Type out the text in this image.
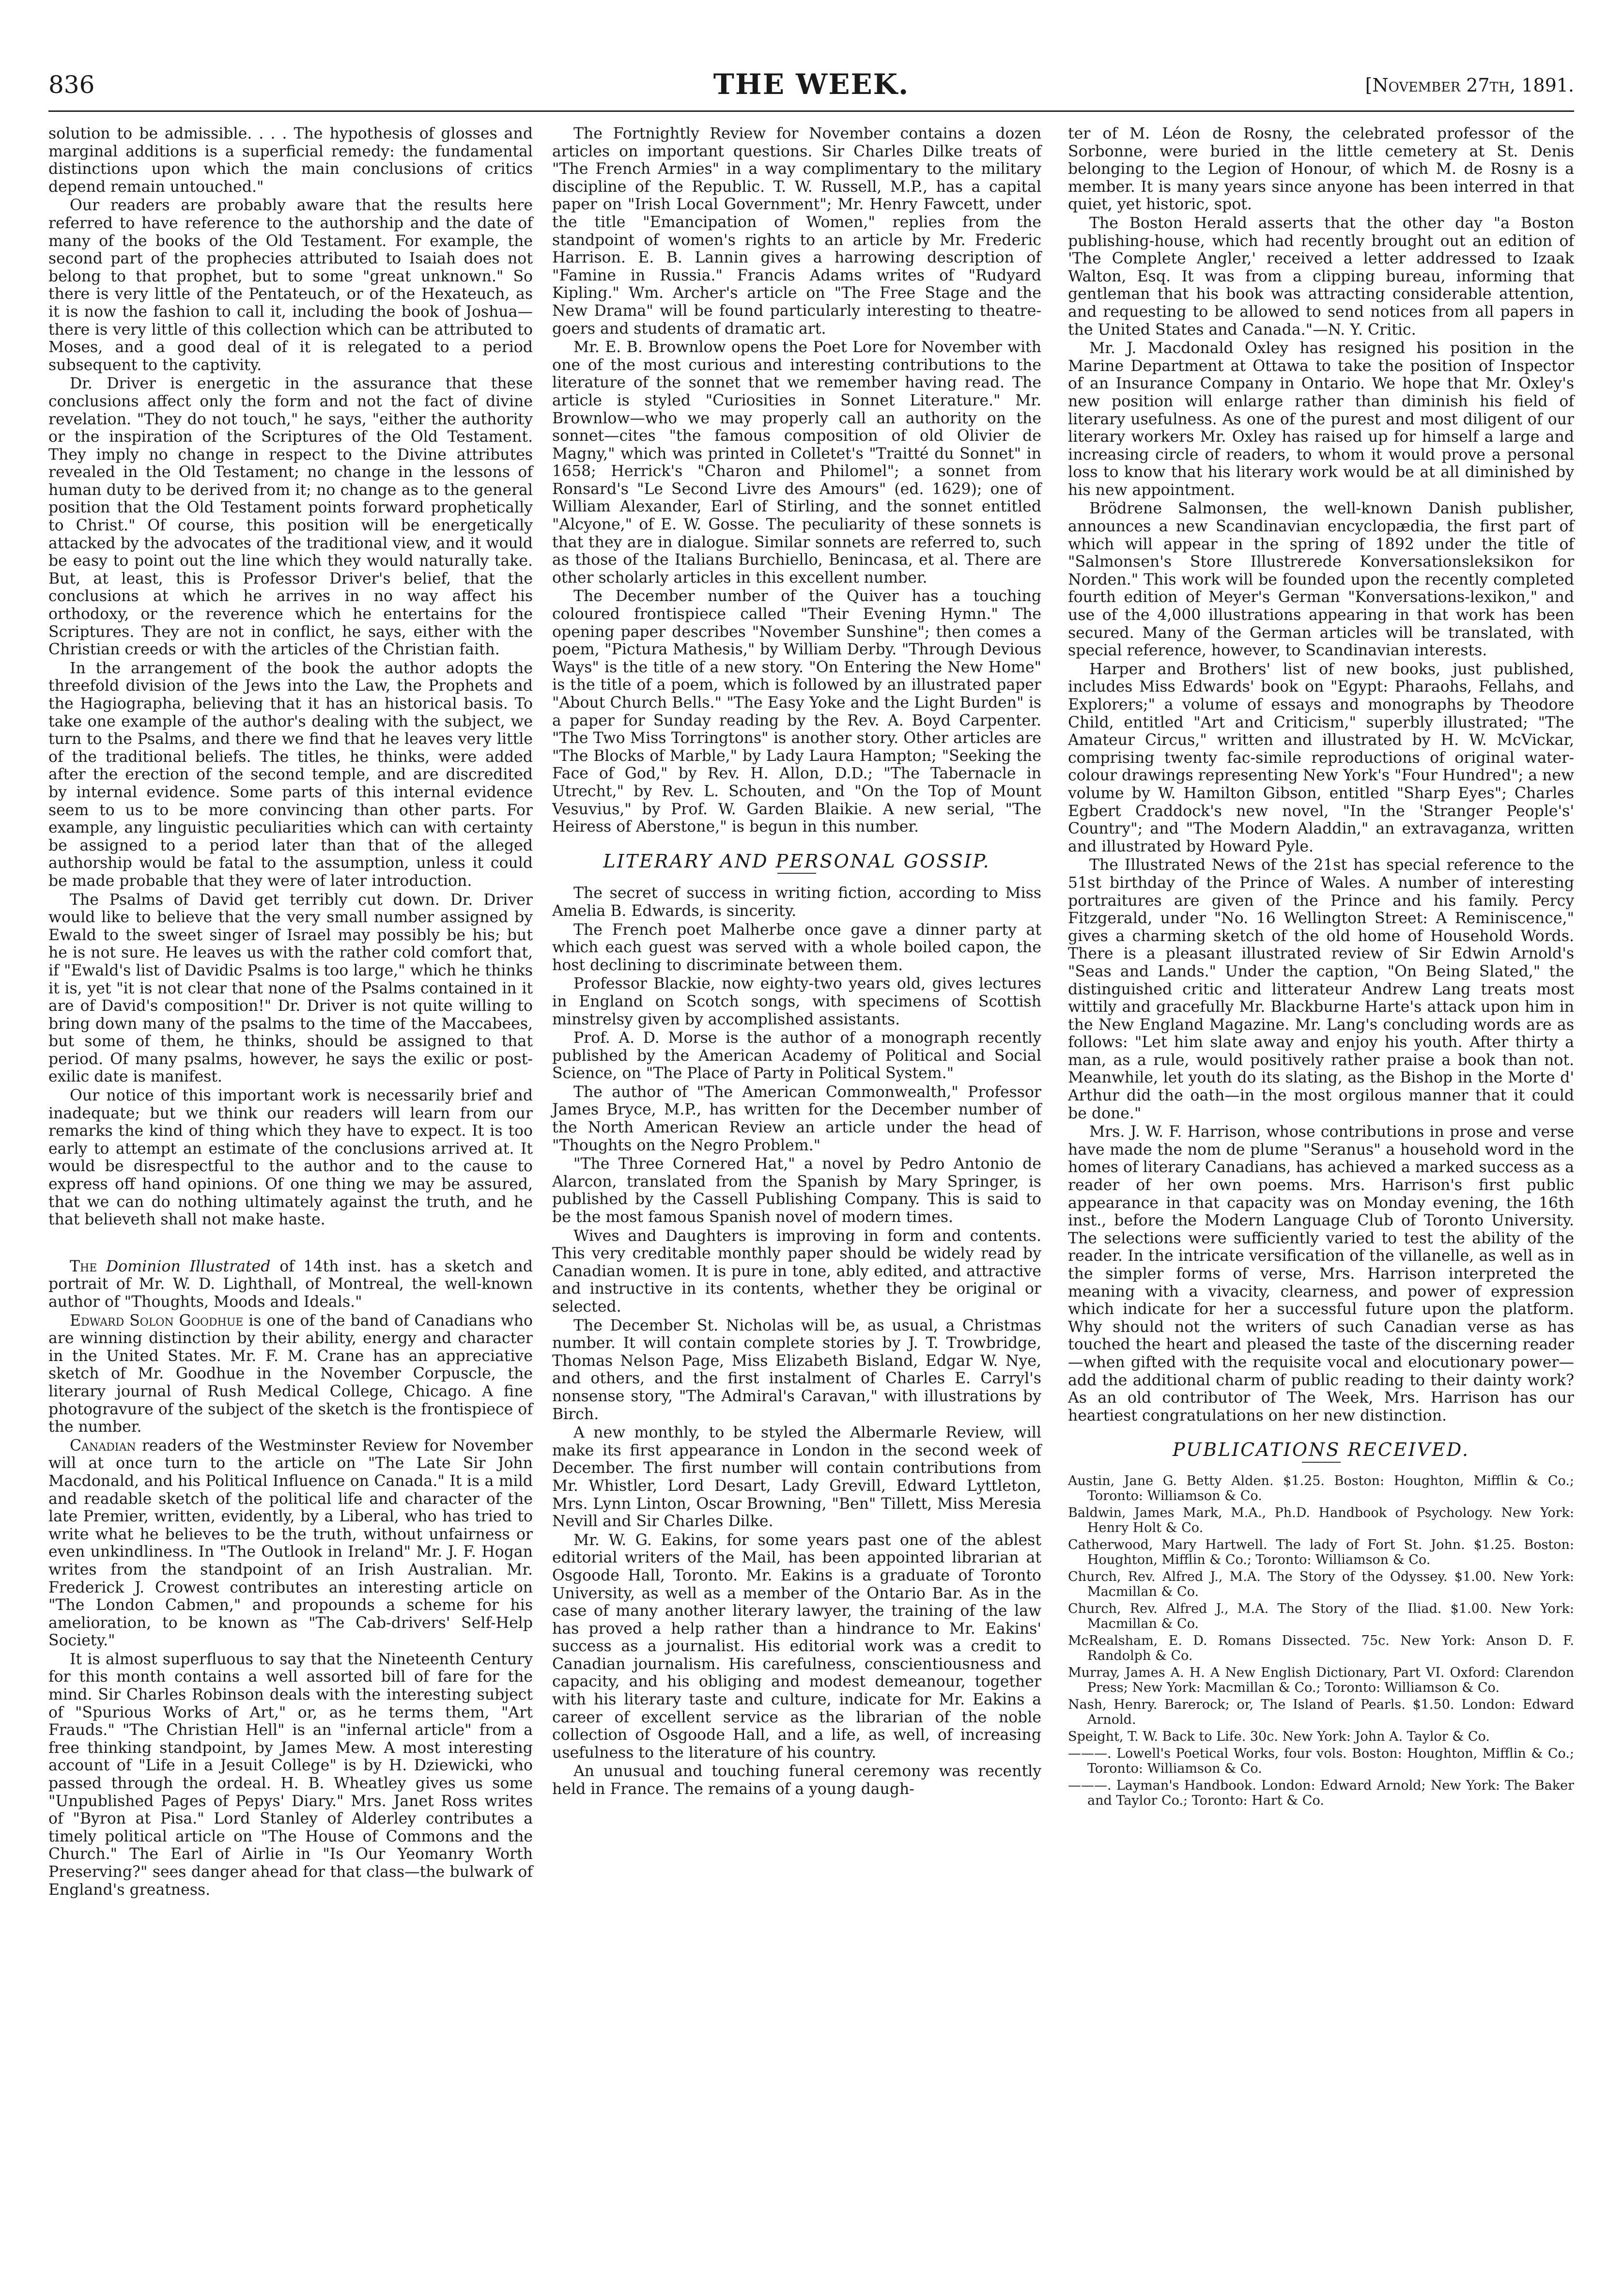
836	THE WEEK.	[November 27th, 1891.

solution to be admissible. . . . The hypothesis of glosses and marginal additions is a superficial remedy: the fundamental distinctions upon which the main conclusions of critics depend remain untouched."

Our readers are probably aware that the results here referred to have reference to the authorship and the date of many of the books of the Old Testament. For example, the second part of the prophecies attributed to Isaiah does not belong to that prophet, but to some "great unknown." So there is very little of the Pentateuch, or of the Hexateuch, as it is now the fashion to call it, including the book of Joshua—there is very little of this collection which can be attributed to Moses, and a good deal of it is relegated to a period subsequent to the captivity.

Dr. Driver is energetic in the assurance that these conclusions affect only the form and not the fact of divine revelation. "They do not touch," he says, "either the authority or the inspiration of the Scriptures of the Old Testament. They imply no change in respect to the Divine attributes revealed in the Old Testament; no change in the lessons of human duty to be derived from it; no change as to the general position that the Old Testament points forward prophetically to Christ." Of course, this position will be energetically attacked by the advocates of the traditional view, and it would be easy to point out the line which they would naturally take. But, at least, this is Professor Driver's belief, that the conclusions at which he arrives in no way affect his orthodoxy, or the reverence which he entertains for the Scriptures. They are not in conflict, he says, either with the Christian creeds or with the articles of the Christian faith.

In the arrangement of the book the author adopts the threefold division of the Jews into the Law, the Prophets and the Hagiographa, believing that it has an historical basis. To take one example of the author's dealing with the subject, we turn to the Psalms, and there we find that he leaves very little of the traditional beliefs. The titles, he thinks, were added after the erection of the second temple, and are discredited by internal evidence. Some parts of this internal evidence seem to us to be more convincing than other parts. For example, any linguistic peculiarities which can with certainty be assigned to a period later than that of the alleged authorship would be fatal to the assumption, unless it could be made probable that they were of later introduction.

The Psalms of David get terribly cut down. Dr. Driver would like to believe that the very small number assigned by Ewald to the sweet singer of Israel may possibly be his; but he is not sure. He leaves us with the rather cold comfort that, if "Ewald's list of Davidic Psalms is too large," which he thinks it is, yet "it is not clear that none of the Psalms contained in it are of David's composition!" Dr. Driver is not quite willing to bring down many of the psalms to the time of the Maccabees, but some of them, he thinks, should be assigned to that period. Of many psalms, however, he says the exilic or post-exilic date is manifest.

Our notice of this important work is necessarily brief and inadequate; but we think our readers will learn from our remarks the kind of thing which they have to expect. It is too early to attempt an estimate of the conclusions arrived at. It would be disrespectful to the author and to the cause to express off hand opinions. Of one thing we may be assured, that we can do nothing ultimately against the truth, and he that believeth shall not make haste.

The Dominion Illustrated of 14th inst. has a sketch and portrait of Mr. W. D. Lighthall, of Montreal, the well-known author of "Thoughts, Moods and Ideals."

Edward Solon Goodhue is one of the band of Canadians who are winning distinction by their ability, energy and character in the United States. Mr. F. M. Crane has an appreciative sketch of Mr. Goodhue in the November Corpuscle, the literary journal of Rush Medical College, Chicago. A fine photogravure of the subject of the sketch is the frontispiece of the number.

Canadian readers of the Westminster Review for November will at once turn to the article on "The Late Sir John Macdonald, and his Political Influence on Canada." It is a mild and readable sketch of the political life and character of the late Premier, written, evidently, by a Liberal, who has tried to write what he believes to be the truth, without unfairness or even unkindliness. In "The Outlook in Ireland" Mr. J. F. Hogan writes from the standpoint of an Irish Australian. Mr. Frederick J. Crowest contributes an interesting article on "The London Cabmen," and propounds a scheme for his amelioration, to be known as "The Cab-drivers' Self-Help Society."

It is almost superfluous to say that the Nineteenth Century for this month contains a well assorted bill of fare for the mind. Sir Charles Robinson deals with the interesting subject of "Spurious Works of Art," or, as he terms them, "Art Frauds." "The Christian Hell" is an "infernal article" from a free thinking standpoint, by James Mew. A most interesting account of "Life in a Jesuit College" is by H. Dziewicki, who passed through the ordeal. H. B. Wheatley gives us some "Unpublished Pages of Pepys' Diary." Mrs. Janet Ross writes of "Byron at Pisa." Lord Stanley of Alderley contributes a timely political article on "The House of Commons and the Church." The Earl of Airlie in "Is Our Yeomanry Worth Preserving?" sees danger ahead for that class—the bulwark of England's greatness.

The Fortnightly Review for November contains a dozen articles on important questions. Sir Charles Dilke treats of "The French Armies" in a way complimentary to the military discipline of the Republic. T. W. Russell, M.P., has a capital paper on "Irish Local Government"; Mr. Henry Fawcett, under the title "Emancipation of Women," replies from the standpoint of women's rights to an article by Mr. Frederic Harrison. E. B. Lannin gives a harrowing description of "Famine in Russia." Francis Adams writes of "Rudyard Kipling." Wm. Archer's article on "The Free Stage and the New Drama" will be found particularly interesting to theatre-goers and students of dramatic art.

Mr. E. B. Brownlow opens the Poet Lore for November with one of the most curious and interesting contributions to the literature of the sonnet that we remember having read. The article is styled "Curiosities in Sonnet Literature." Mr. Brownlow—who we may properly call an authority on the sonnet—cites "the famous composition of old Olivier de Magny," which was printed in Colletet's "Traitté du Sonnet" in 1658; Herrick's "Charon and Philomel"; a sonnet from Ronsard's "Le Second Livre des Amours" (ed. 1629); one of William Alexander, Earl of Stirling, and the sonnet entitled "Alcyone," of E. W. Gosse. The peculiarity of these sonnets is that they are in dialogue. Similar sonnets are referred to, such as those of the Italians Burchiello, Benincasa, et al. There are other scholarly articles in this excellent number.

The December number of the Quiver has a touching coloured frontispiece called "Their Evening Hymn." The opening paper describes "November Sunshine"; then comes a poem, "Pictura Mathesis," by William Derby. "Through Devious Ways" is the title of a new story. "On Entering the New Home" is the title of a poem, which is followed by an illustrated paper "About Church Bells." "The Easy Yoke and the Light Burden" is a paper for Sunday reading by the Rev. A. Boyd Carpenter. "The Two Miss Torringtons" is another story. Other articles are "The Blocks of Marble," by Lady Laura Hampton; "Seeking the Face of God," by Rev. H. Allon, D.D.; "The Tabernacle in Utrecht," by Rev. L. Schouten, and "On the Top of Mount Vesuvius," by Prof. W. Garden Blaikie. A new serial, "The Heiress of Aberstone," is begun in this number.

LITERARY AND PERSONAL GOSSIP.

The secret of success in writing fiction, according to Miss Amelia B. Edwards, is sincerity.

The French poet Malherbe once gave a dinner party at which each guest was served with a whole boiled capon, the host declining to discriminate between them.

Professor Blackie, now eighty-two years old, gives lectures in England on Scotch songs, with specimens of Scottish minstrelsy given by accomplished assistants.

Prof. A. D. Morse is the author of a monograph recently published by the American Academy of Political and Social Science, on "The Place of Party in Political System."

The author of "The American Commonwealth," Professor James Bryce, M.P., has written for the December number of the North American Review an article under the head of "Thoughts on the Negro Problem."

"The Three Cornered Hat," a novel by Pedro Antonio de Alarcon, translated from the Spanish by Mary Springer, is published by the Cassell Publishing Company. This is said to be the most famous Spanish novel of modern times.

Wives and Daughters is improving in form and contents. This very creditable monthly paper should be widely read by Canadian women. It is pure in tone, ably edited, and attractive and instructive in its contents, whether they be original or selected.

The December St. Nicholas will be, as usual, a Christmas number. It will contain complete stories by J. T. Trowbridge, Thomas Nelson Page, Miss Elizabeth Bisland, Edgar W. Nye, and others, and the first instalment of Charles E. Carryl's nonsense story, "The Admiral's Caravan," with illustrations by Birch.

A new monthly, to be styled the Albermarle Review, will make its first appearance in London in the second week of December. The first number will contain contributions from Mr. Whistler, Lord Desart, Lady Grevill, Edward Lyttleton, Mrs. Lynn Linton, Oscar Browning, "Ben" Tillett, Miss Meresia Nevill and Sir Charles Dilke.

Mr. W. G. Eakins, for some years past one of the ablest editorial writers of the Mail, has been appointed librarian at Osgoode Hall, Toronto. Mr. Eakins is a graduate of Toronto University, as well as a member of the Ontario Bar. As in the case of many another literary lawyer, the training of the law has proved a help rather than a hindrance to Mr. Eakins' success as a journalist. His editorial work was a credit to Canadian journalism. His carefulness, conscientiousness and capacity, and his obliging and modest demeanour, together with his literary taste and culture, indicate for Mr. Eakins a career of excellent service as the librarian of the noble collection of Osgoode Hall, and a life, as well, of increasing usefulness to the literature of his country.

An unusual and touching funeral ceremony was recently held in France. The remains of a young daugh-

ter of M. Léon de Rosny, the celebrated professor of the Sorbonne, were buried in the little cemetery at St. Denis belonging to the Legion of Honour, of which M. de Rosny is a member. It is many years since anyone has been interred in that quiet, yet historic, spot.

The Boston Herald asserts that the other day "a Boston publishing-house, which had recently brought out an edition of 'The Complete Angler,' received a letter addressed to Izaak Walton, Esq. It was from a clipping bureau, informing that gentleman that his book was attracting considerable attention, and requesting to be allowed to send notices from all papers in the United States and Canada."—N. Y. Critic.

Mr. J. Macdonald Oxley has resigned his position in the Marine Department at Ottawa to take the position of Inspector of an Insurance Company in Ontario. We hope that Mr. Oxley's new position will enlarge rather than diminish his field of literary usefulness. As one of the purest and most diligent of our literary workers Mr. Oxley has raised up for himself a large and increasing circle of readers, to whom it would prove a personal loss to know that his literary work would be at all diminished by his new appointment.

Brödrene Salmonsen, the well-known Danish publisher, announces a new Scandinavian encyclopædia, the first part of which will appear in the spring of 1892 under the title of "Salmonsen's Store Illustrerede Konversationsleksikon for Norden." This work will be founded upon the recently completed fourth edition of Meyer's German "Konversations-lexikon," and use of the 4,000 illustrations appearing in that work has been secured. Many of the German articles will be translated, with special reference, however, to Scandinavian interests.

Harper and Brothers' list of new books, just published, includes Miss Edwards' book on "Egypt: Pharaohs, Fellahs, and Explorers;" a volume of essays and monographs by Theodore Child, entitled "Art and Criticism," superbly illustrated; "The Amateur Circus," written and illustrated by H. W. McVickar, comprising twenty fac-simile reproductions of original water-colour drawings representing New York's "Four Hundred"; a new volume by W. Hamilton Gibson, entitled "Sharp Eyes"; Charles Egbert Craddock's new novel, "In the 'Stranger People's' Country"; and "The Modern Aladdin," an extravaganza, written and illustrated by Howard Pyle.

The Illustrated News of the 21st has special reference to the 51st birthday of the Prince of Wales. A number of interesting portraitures are given of the Prince and his family. Percy Fitzgerald, under "No. 16 Wellington Street: A Reminiscence," gives a charming sketch of the old home of Household Words. There is a pleasant illustrated review of Sir Edwin Arnold's "Seas and Lands." Under the caption, "On Being Slated," the distinguished critic and litterateur Andrew Lang treats most wittily and gracefully Mr. Blackburne Harte's attack upon him in the New England Magazine. Mr. Lang's concluding words are as follows: "Let him slate away and enjoy his youth. After thirty a man, as a rule, would positively rather praise a book than not. Meanwhile, let youth do its slating, as the Bishop in the Morte d' Arthur did the oath—in the most orgilous manner that it could be done."

Mrs. J. W. F. Harrison, whose contributions in prose and verse have made the nom de plume "Seranus" a household word in the homes of literary Canadians, has achieved a marked success as a reader of her own poems. Mrs. Harrison's first public appearance in that capacity was on Monday evening, the 16th inst., before the Modern Language Club of Toronto University. The selections were sufficiently varied to test the ability of the reader. In the intricate versification of the villanelle, as well as in the simpler forms of verse, Mrs. Harrison interpreted the meaning with a vivacity, clearness, and power of expression which indicate for her a successful future upon the platform. Why should not the writers of such Canadian verse as has touched the heart and pleased the taste of the discerning reader—when gifted with the requisite vocal and elocutionary power—add the additional charm of public reading to their dainty work? As an old contributor of The Week, Mrs. Harrison has our heartiest congratulations on her new distinction.

PUBLICATIONS RECEIVED.
Austin, Jane G. Betty Alden. $1.25. Boston: Houghton, Mifflin & Co.; Toronto: Williamson & Co.
Baldwin, James Mark, M.A., Ph.D. Handbook of Psychology. New York: Henry Holt & Co.
Catherwood, Mary Hartwell. The lady of Fort St. John. $1.25. Boston: Houghton, Mifflin & Co.; Toronto: Williamson & Co.
Church, Rev. Alfred J., M.A. The Story of the Odyssey. $1.00. New York: Macmillan & Co.
Church, Rev. Alfred J., M.A. The Story of the Iliad. $1.00. New York: Macmillan & Co.
McRealsham, E. D. Romans Dissected. 75c. New York: Anson D. F. Randolph & Co.
Murray, James A. H. A New English Dictionary, Part VI. Oxford: Clarendon Press; New York: Macmillan & Co.; Toronto: Williamson & Co.
Nash, Henry. Barerock; or, The Island of Pearls. $1.50. London: Edward Arnold.
Speight, T. W. Back to Life. 30c. New York: John A. Taylor & Co.
———. Lowell's Poetical Works, four vols. Boston: Houghton, Mifflin & Co.; Toronto: Williamson & Co.
———. Layman's Handbook. London: Edward Arnold; New York: The Baker and Taylor Co.; Toronto: Hart & Co.
